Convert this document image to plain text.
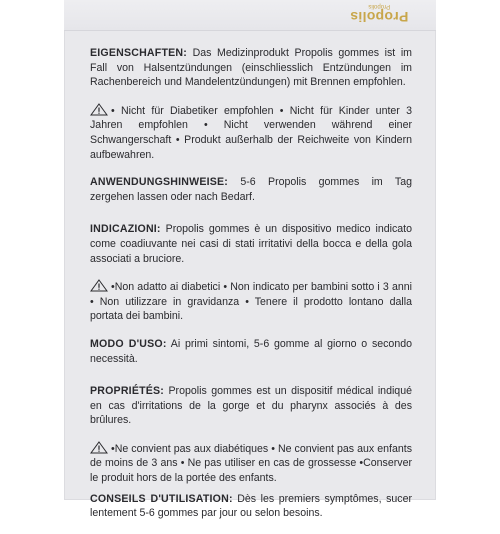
Propolis
Propolis

EIGENSCHAFTEN: Das Medizinprodukt Propolis gommes ist im Fall von Halsentzündungen (einschliesslich Entzündungen im Rachenbereich und Mandelentzündungen) mit Brennen empfohlen.

• Nicht für Diabetiker empfohlen • Nicht für Kinder unter 3 Jahren empfohlen • Nicht verwenden während einer Schwangerschaft • Produkt außerhalb der Reichweite von Kindern aufbewahren.

ANWENDUNGSHINWEISE: 5-6 Propolis gommes im Tag zergehen lassen oder nach Bedarf.

INDICAZIONI: Propolis gommes è un dispositivo medico indicato come coadiuvante nei casi di stati irritativi della bocca e della gola associati a bruciore.

•Non adatto ai diabetici • Non indicato per bambini sotto i 3 anni • Non utilizzare in gravidanza • Tenere il prodotto lontano dalla portata dei bambini.

MODO D'USO: Ai primi sintomi, 5-6 gomme al giorno o secondo necessità.

PROPRIÉTÉS: Propolis gommes est un dispositif médical indiqué en cas d'irritations de la gorge et du pharynx associés à des brûlures.

•Ne convient pas aux diabétiques • Ne convient pas aux enfants de moins de 3 ans • Ne pas utiliser en cas de grossesse •Conserver le produit hors de la portée des enfants.

CONSEILS D'UTILISATION: Dès les premiers symptômes, sucer lentement 5-6 gommes par jour ou selon besoins.
